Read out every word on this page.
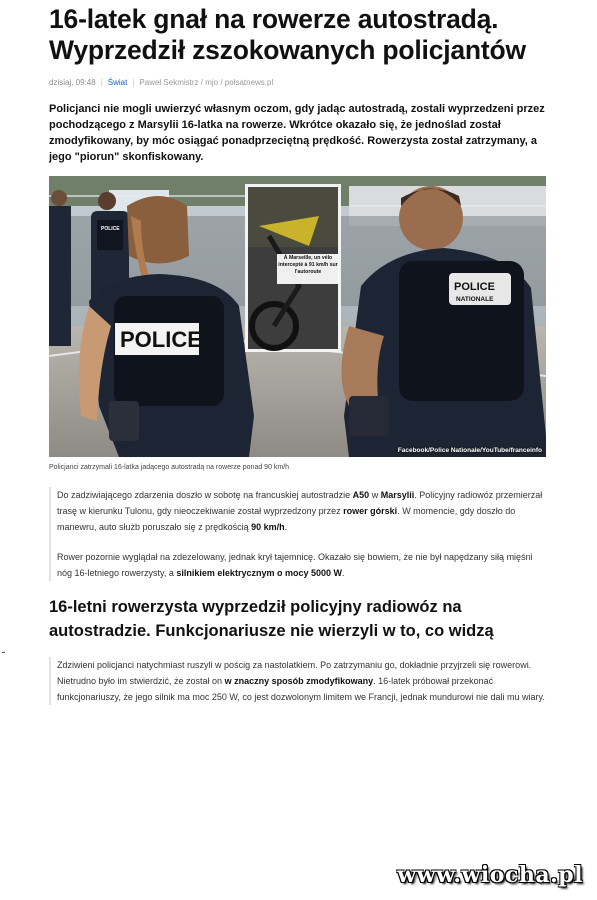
16-latek gnał na rowerze autostradą. Wyprzedził zszokowanych policjantów
dzisiaj, 09:48 | Świat | Paweł Sekmistrz / mjo / polsatnews.pl

Policjanci nie mogli uwierzyć własnym oczom, gdy jadąc autostradą, zostali wyprzedzeni przez pochodzącego z Marsylii 16-latka na rowerze. Wkrótce okazało się, że jednoślad został zmodyfikowany, by móc osiągać ponadprzeciętną prędkość. Rowerzysta został zatrzymany, a jego "piorun" skonfiskowany.

POLICE
POLICE
À Marseille, un vélo intercepté à 91 km/h sur l'autoroute
POLICE
NATIONALE
Facebook/Police Nationale/YouTube/franceinfo
Policjanci zatrzymali 16-latka jadącego autostradą na rowerze ponad 90 km/h

Do zadziwiającego zdarzenia doszło w sobotę na francuskiej autostradzie A50 w Marsylii. Policyjny radiowóz przemierzał trasę w kierunku Tulonu, gdy nieoczekiwanie został wyprzedzony przez rower górski. W momencie, gdy doszło do manewru, auto służb poruszało się z prędkością 90 km/h.

Rower pozornie wyglądał na zdezelowany, jednak krył tajemnicę. Okazało się bowiem, że nie był napędzany siłą mięśni nóg 16-letniego rowerzysty, a silnikiem elektrycznym o mocy 5000 W.

16-letni rowerzysta wyprzedził policyjny radiowóz na autostradzie. Funkcjonariusze nie wierzyli w to, co widzą

Zdziwieni policjanci natychmiast ruszyli w pościg za nastolatkiem. Po zatrzymaniu go, dokładnie przyjrzeli się rowerowi. Nietrudno było im stwierdzić, że został on w znaczny sposób zmodyfikowany. 16-latek próbował przekonać funkcjonariuszy, że jego silnik ma moc 250 W, co jest dozwolonym limitem we Francji, jednak mundurowi nie dali mu wiary.

www.wiocha.pl
